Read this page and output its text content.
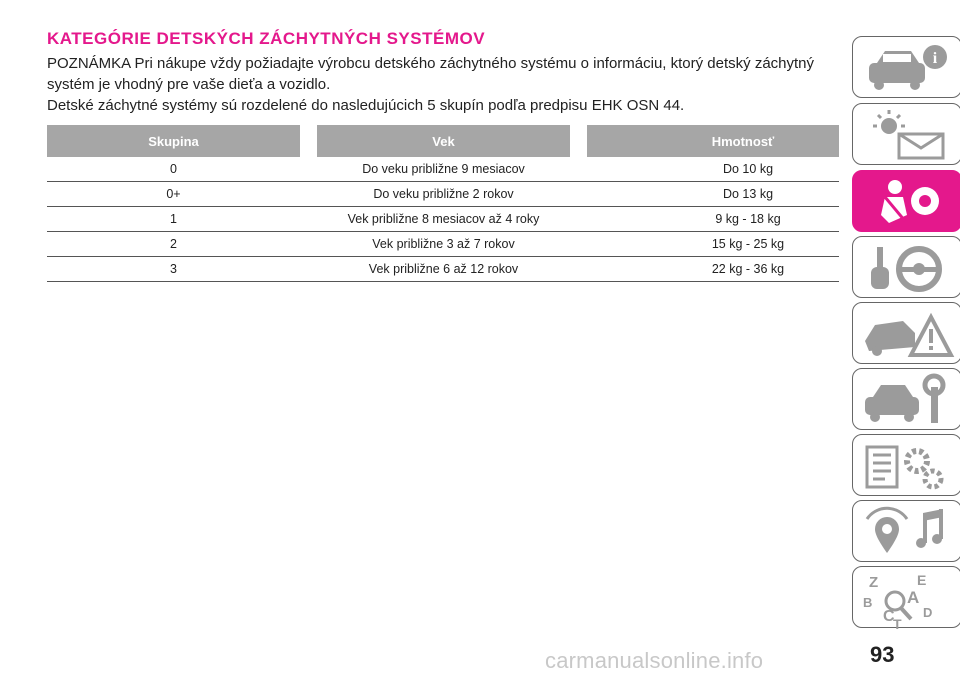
KATEGÓRIE DETSKÝCH ZÁCHYTNÝCH SYSTÉMOV
POZNÁMKA Pri nákupe vždy požiadajte výrobcu detského záchytného systému o informáciu, ktorý detský záchytný systém je vhodný pre vaše dieťa a vozidlo.
Detské záchytné systémy sú rozdelené do nasledujúcich 5 skupín podľa predpisu EHK OSN 44.
Skupina	Vek	Hmotnosť
0	Do veku približne 9 mesiacov	Do 10 kg
0+	Do veku približne 2 rokov	Do 13 kg
1	Vek približne 8 mesiacov až 4 roky	9 kg - 18 kg
2	Vek približne 3 až 7 rokov	15 kg - 25 kg
3	Vek približne 6 až 12 rokov	22 kg - 36 kg
i
Z	E
A
B
C D
T
93
carmanualsonline.info
